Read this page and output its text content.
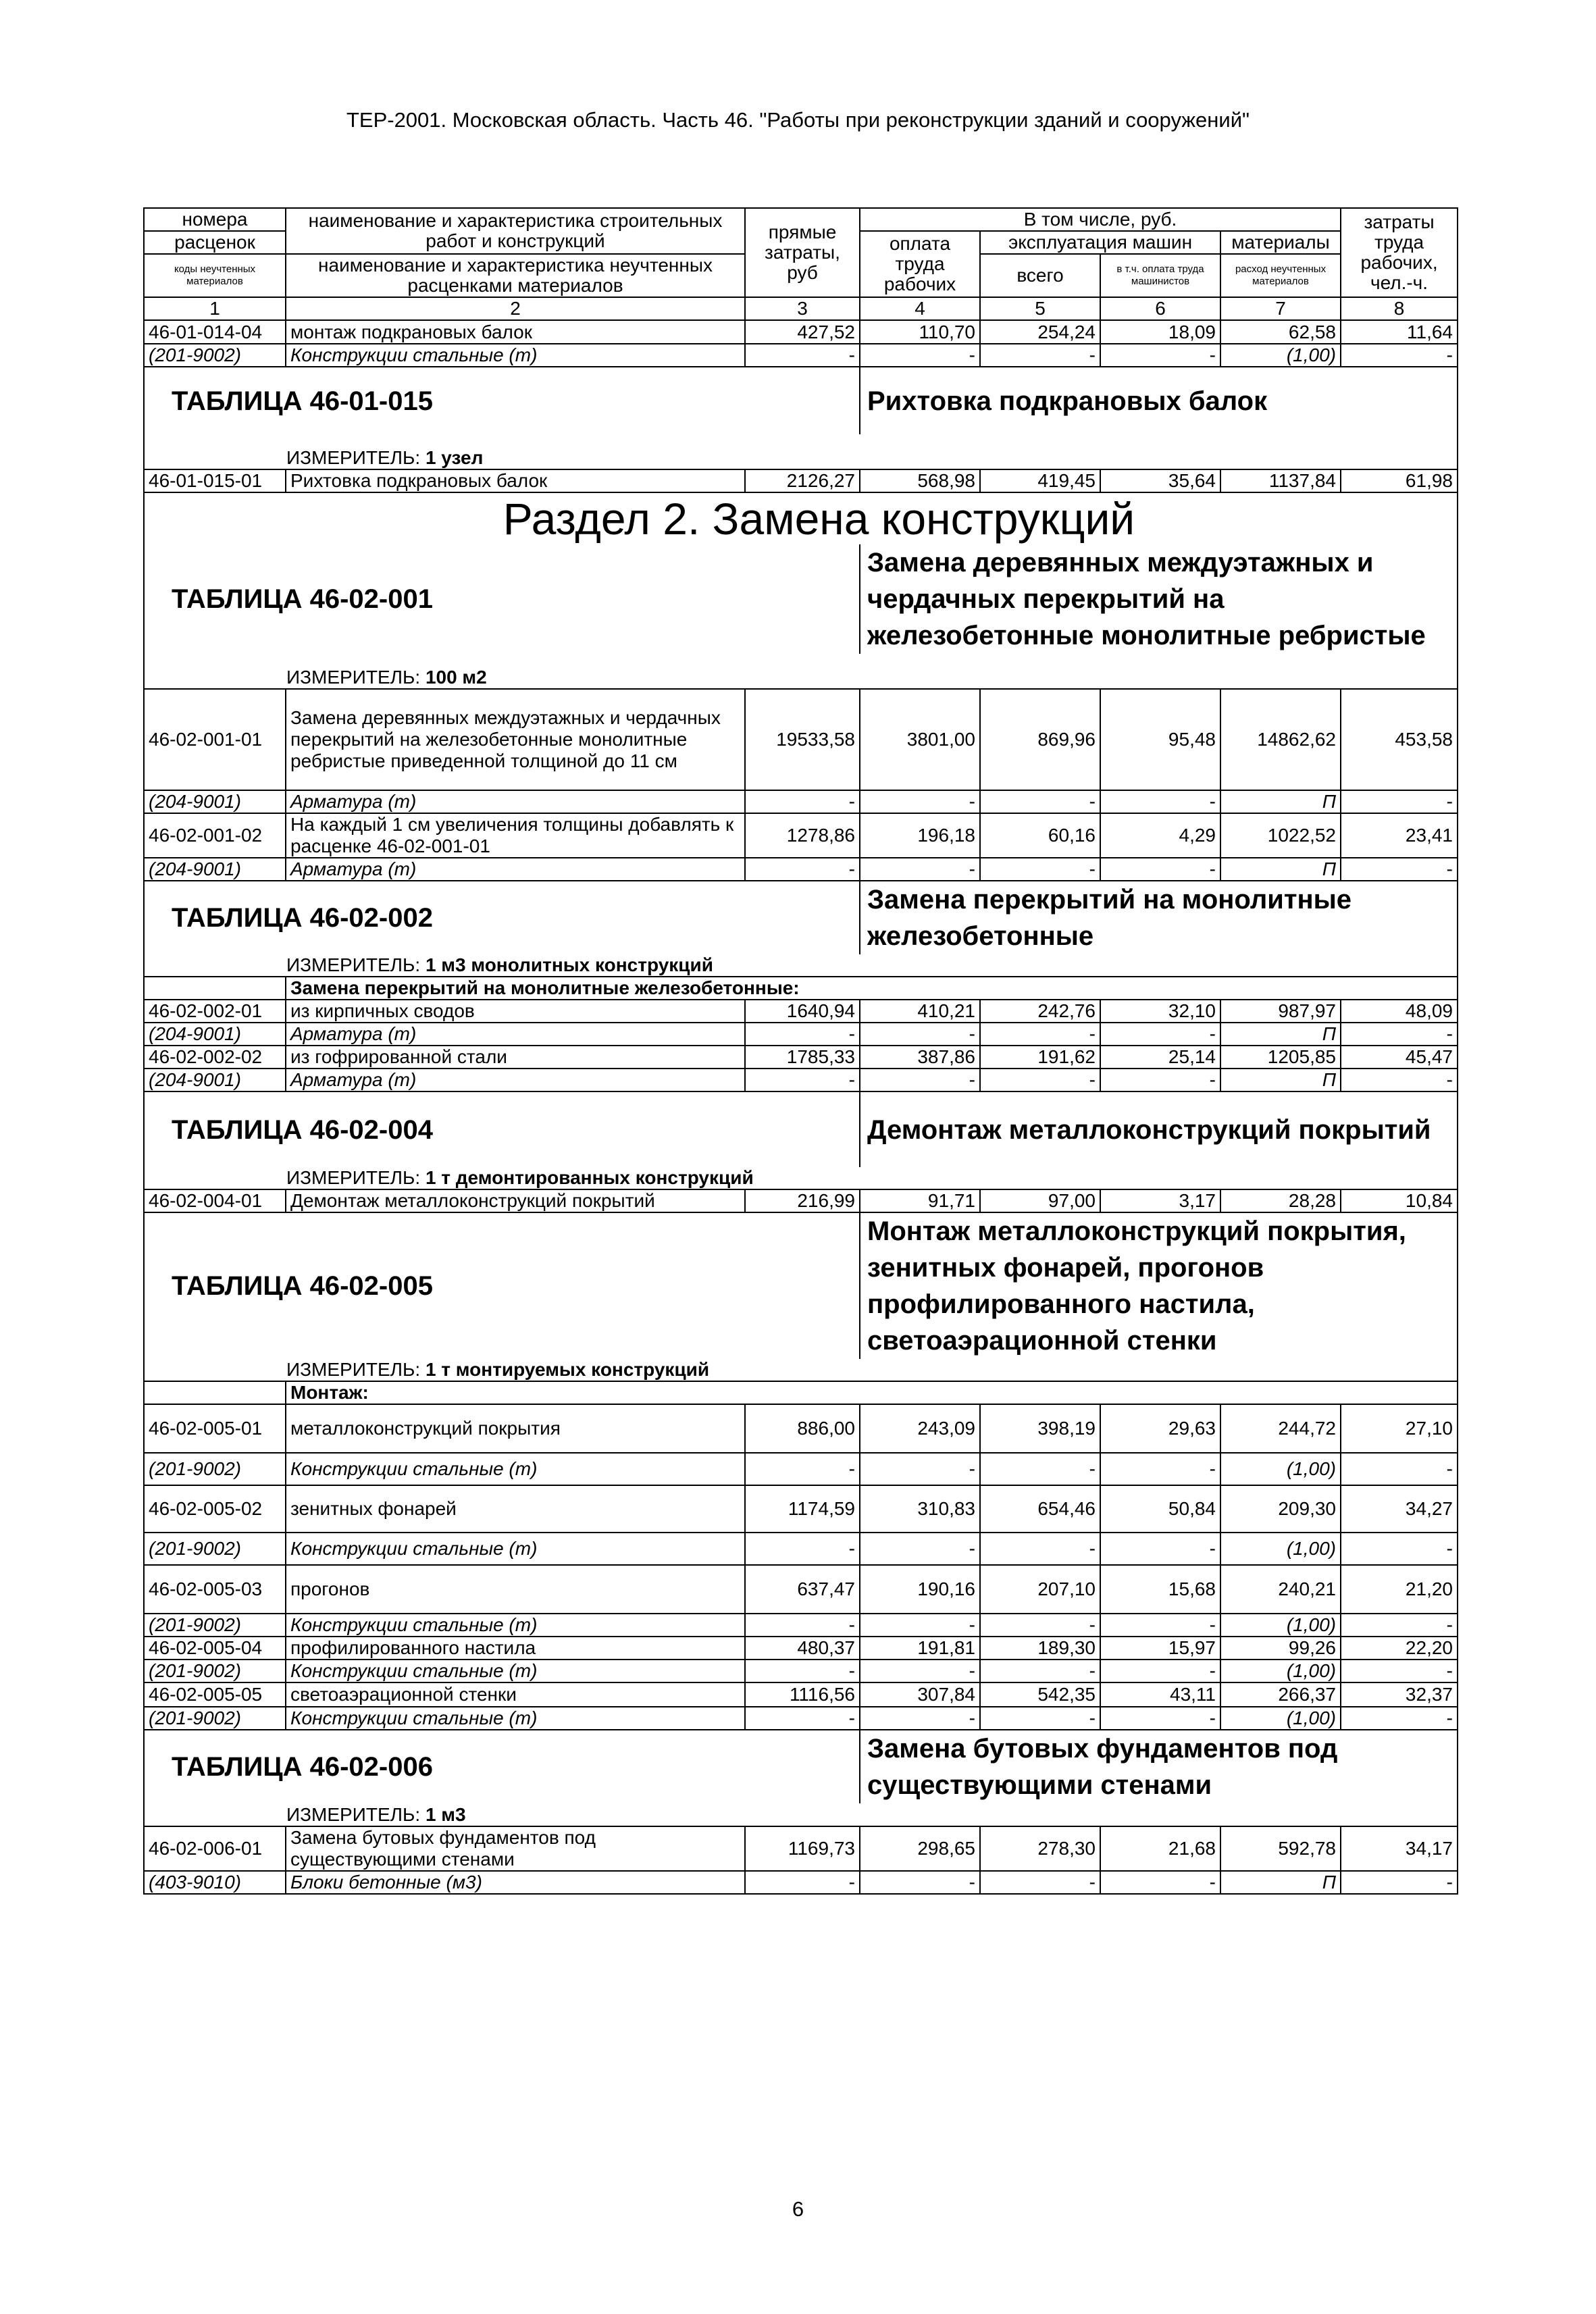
ТЕР-2001. Московская область. Часть 46. "Работы при реконструкции зданий и сооружений"
номера	наименование и характеристика строительных работ и конструкций	прямые затраты, руб	В том числе, руб.				затраты труда рабочих, чел.-ч.
расценок			оплата труда рабочих	эксплуатация машин		материалы	
коды неучтенных материалов	наименование и характеристика неучтенных расценками материалов			всего	в т.ч. оплата труда машинистов	расход неучтенных материалов	
1	2	3	4	5	6	7	8
46-01-014-04	монтаж подкрановых балок	427,52	110,70	254,24	18,09	62,58	11,64
(201-9002)	Конструкции стальные (т)	-	-	-	-	(1,00)	-
ТАБЛИЦА 46-01-015			Рихтовка подкрановых балок				
ИЗМЕРИТЕЛЬ: 1 узел							
46-01-015-01	Рихтовка подкрановых балок	2126,27	568,98	419,45	35,64	1137,84	61,98
Раздел 2. Замена конструкций							
ТАБЛИЦА 46-02-001			Замена деревянных междуэтажных и чердачных перекрытий на железобетонные монолитные ребристые				
ИЗМЕРИТЕЛЬ: 100 м2							
46-02-001-01	Замена деревянных междуэтажных и чердачных перекрытий на железобетонные монолитные ребристые приведенной толщиной до 11 см	19533,58	3801,00	869,96	95,48	14862,62	453,58
(204-9001)	Арматура (т)	-	-	-	-	П	-
46-02-001-02	На каждый 1 см увеличения толщины добавлять к расценке 46-02-001-01	1278,86	196,18	60,16	4,29	1022,52	23,41
(204-9001)	Арматура (т)	-	-	-	-	П	-
ТАБЛИЦА 46-02-002			Замена перекрытий на монолитные железобетонные				
ИЗМЕРИТЕЛЬ: 1 м3 монолитных конструкций							
	Замена перекрытий на монолитные железобетонные:						
46-02-002-01	из кирпичных сводов	1640,94	410,21	242,76	32,10	987,97	48,09
(204-9001)	Арматура (т)	-	-	-	-	П	-
46-02-002-02	из гофрированной стали	1785,33	387,86	191,62	25,14	1205,85	45,47
(204-9001)	Арматура (т)	-	-	-	-	П	-
ТАБЛИЦА 46-02-004			Демонтаж металлоконструкций покрытий				
ИЗМЕРИТЕЛЬ: 1 т демонтированных конструкций							
46-02-004-01	Демонтаж металлоконструкций покрытий	216,99	91,71	97,00	3,17	28,28	10,84
ТАБЛИЦА 46-02-005			Монтаж металлоконструкций покрытия, зенитных фонарей, прогонов профилированного настила, светоаэрационной стенки				
ИЗМЕРИТЕЛЬ: 1 т монтируемых конструкций							
	Монтаж:						
46-02-005-01	металлоконструкций покрытия	886,00	243,09	398,19	29,63	244,72	27,10
(201-9002)	Конструкции стальные (т)	-	-	-	-	(1,00)	-
46-02-005-02	зенитных фонарей	1174,59	310,83	654,46	50,84	209,30	34,27
(201-9002)	Конструкции стальные (т)	-	-	-	-	(1,00)	-
46-02-005-03	прогонов	637,47	190,16	207,10	15,68	240,21	21,20
(201-9002)	Конструкции стальные (т)	-	-	-	-	(1,00)	-
46-02-005-04	профилированного настила	480,37	191,81	189,30	15,97	99,26	22,20
(201-9002)	Конструкции стальные (т)	-	-	-	-	(1,00)	-
46-02-005-05	светоаэрационной стенки	1116,56	307,84	542,35	43,11	266,37	32,37
(201-9002)	Конструкции стальные (т)	-	-	-	-	(1,00)	-
ТАБЛИЦА 46-02-006			Замена бутовых фундаментов под существующими стенами				
ИЗМЕРИТЕЛЬ: 1 м3							
46-02-006-01	Замена бутовых фундаментов под существующими стенами	1169,73	298,65	278,30	21,68	592,78	34,17
(403-9010)	Блоки бетонные (м3)	-	-	-	-	П	-
6
